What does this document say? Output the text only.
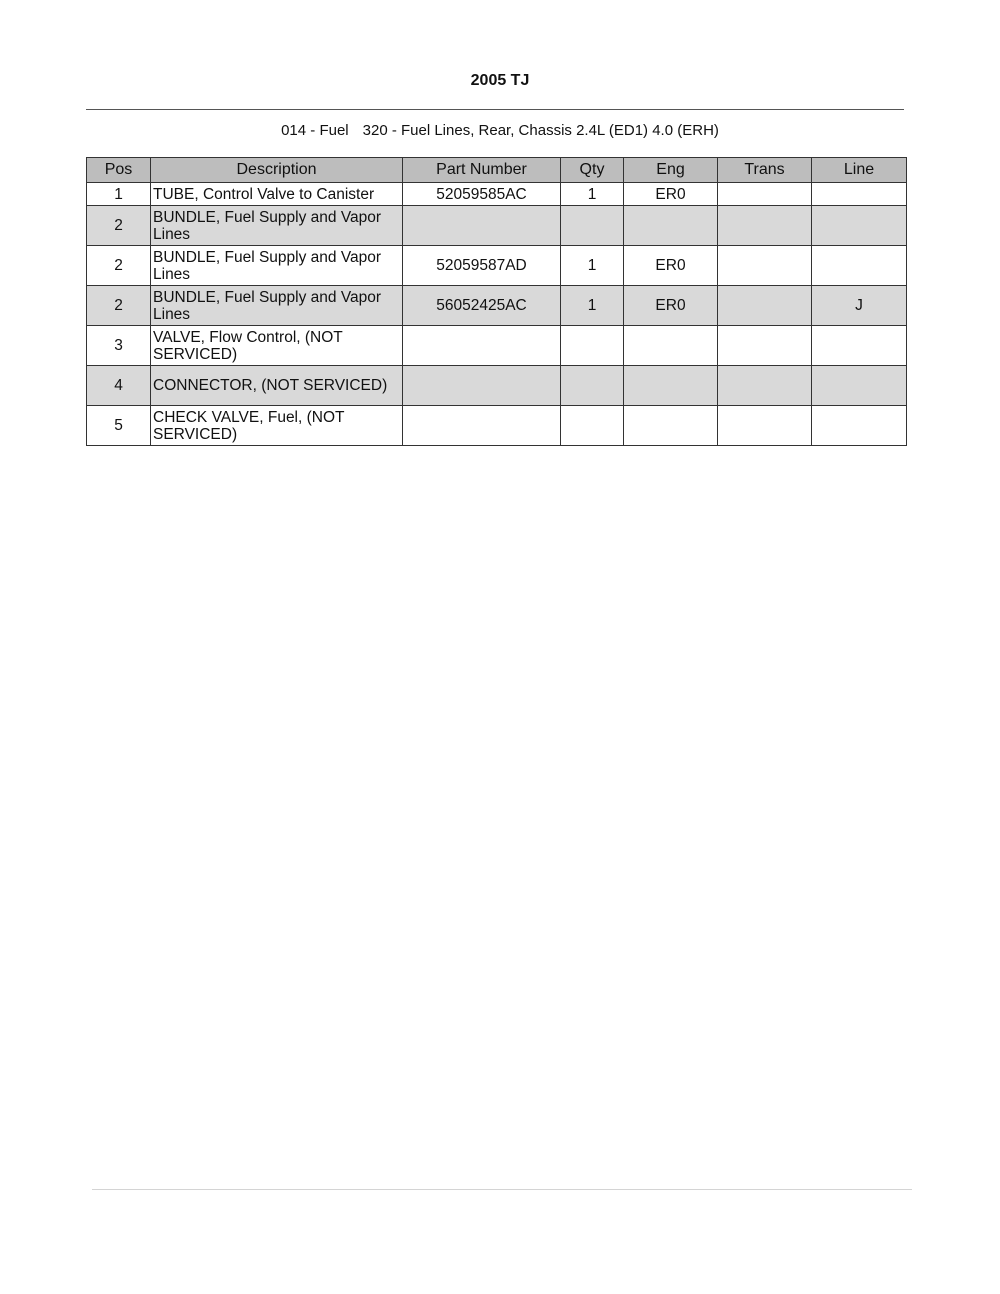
2005 TJ
014 - Fuel 320 - Fuel Lines, Rear, Chassis 2.4L (ED1) 4.0 (ERH)
Pos	Description	Part Number	Qty	Eng	Trans	Line
1	TUBE, Control Valve to Canister	52059585AC	1	ER0		
2	BUNDLE, Fuel Supply and Vapor Lines					
2	BUNDLE, Fuel Supply and Vapor Lines	52059587AD	1	ER0		
2	BUNDLE, Fuel Supply and Vapor Lines	56052425AC	1	ER0		J
3	VALVE, Flow Control, (NOT SERVICED)					
4	CONNECTOR, (NOT SERVICED)					
5	CHECK VALVE, Fuel, (NOT SERVICED)					
